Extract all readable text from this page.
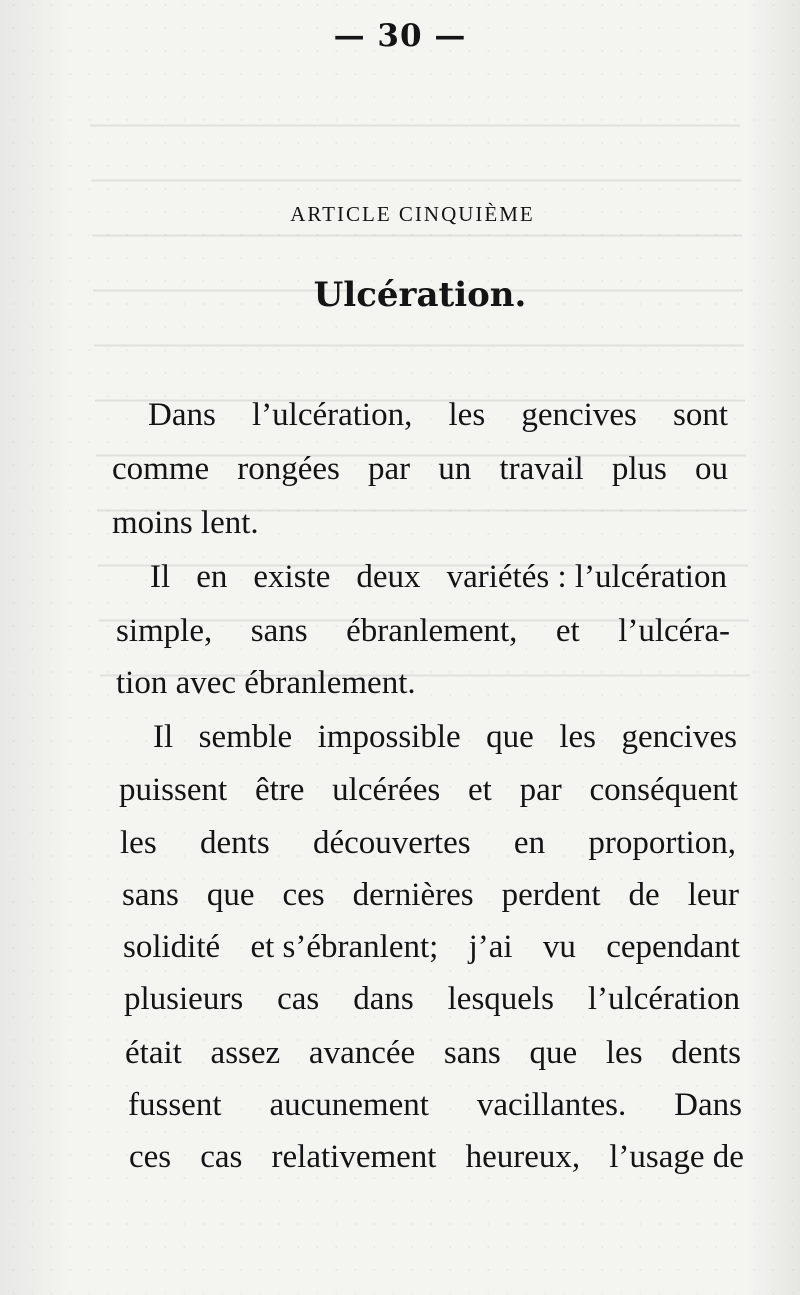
— 30 —
ARTICLE CINQUIÈME
Ulcération.
Dans l’ulcération, les gencives sont
comme rongées par un travail plus ou
moins lent.
Il en existe deux variétés : l’ulcération
simple, sans ébranlement, et l’ulcéra-
tion avec ébranlement.
Il semble impossible que les gencives
puissent être ulcérées et par conséquent
les dents découvertes en proportion,
sans que ces dernières perdent de leur
solidité et s’ébranlent; j’ai vu cependant
plusieurs cas dans lesquels l’ulcération
était assez avancée sans que les dents
fussent aucunement vacillantes. Dans
ces cas relativement heureux, l’usage de
